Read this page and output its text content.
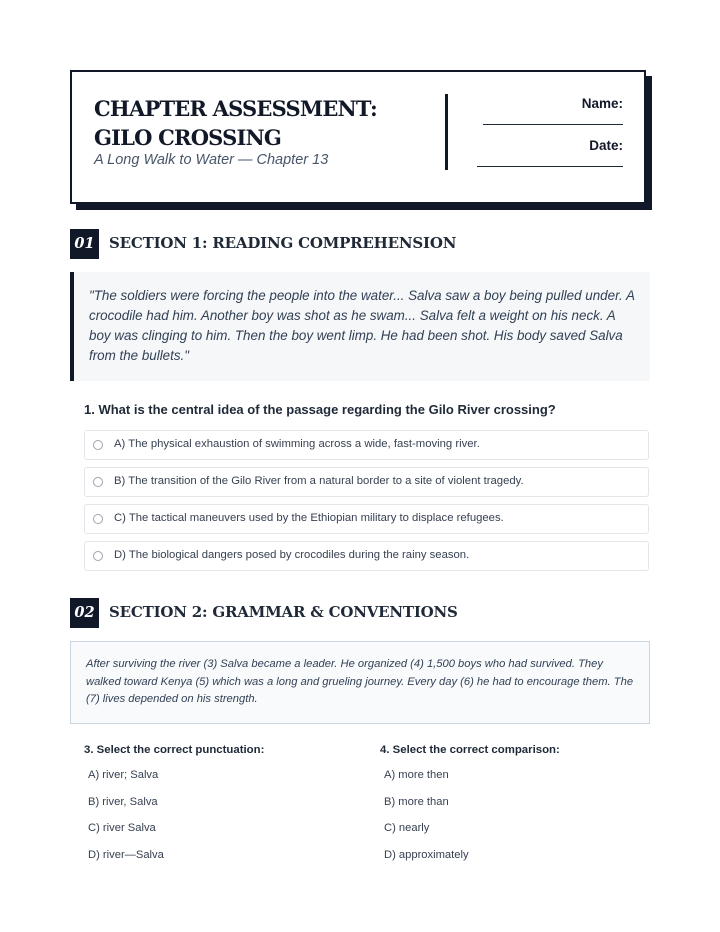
CHAPTER ASSESSMENT: GILO CROSSING
A Long Walk to Water — Chapter 13
Name:
Date:
01 SECTION 1: READING COMPREHENSION
"The soldiers were forcing the people into the water... Salva saw a boy being pulled under. A crocodile had him. Another boy was shot as he swam... Salva felt a weight on his neck. A boy was clinging to him. Then the boy went limp. He had been shot. His body saved Salva from the bullets."
1. What is the central idea of the passage regarding the Gilo River crossing?
A) The physical exhaustion of swimming across a wide, fast-moving river.
B) The transition of the Gilo River from a natural border to a site of violent tragedy.
C) The tactical maneuvers used by the Ethiopian military to displace refugees.
D) The biological dangers posed by crocodiles during the rainy season.
02 SECTION 2: GRAMMAR & CONVENTIONS
After surviving the river (3) Salva became a leader. He organized (4) 1,500 boys who had survived. They walked toward Kenya (5) which was a long and grueling journey. Every day (6) he had to encourage them. The (7) lives depended on his strength.
3. Select the correct punctuation:
A) river; Salva
B) river, Salva
C) river Salva
D) river—Salva
4. Select the correct comparison:
A) more then
B) more than
C) nearly
D) approximately
